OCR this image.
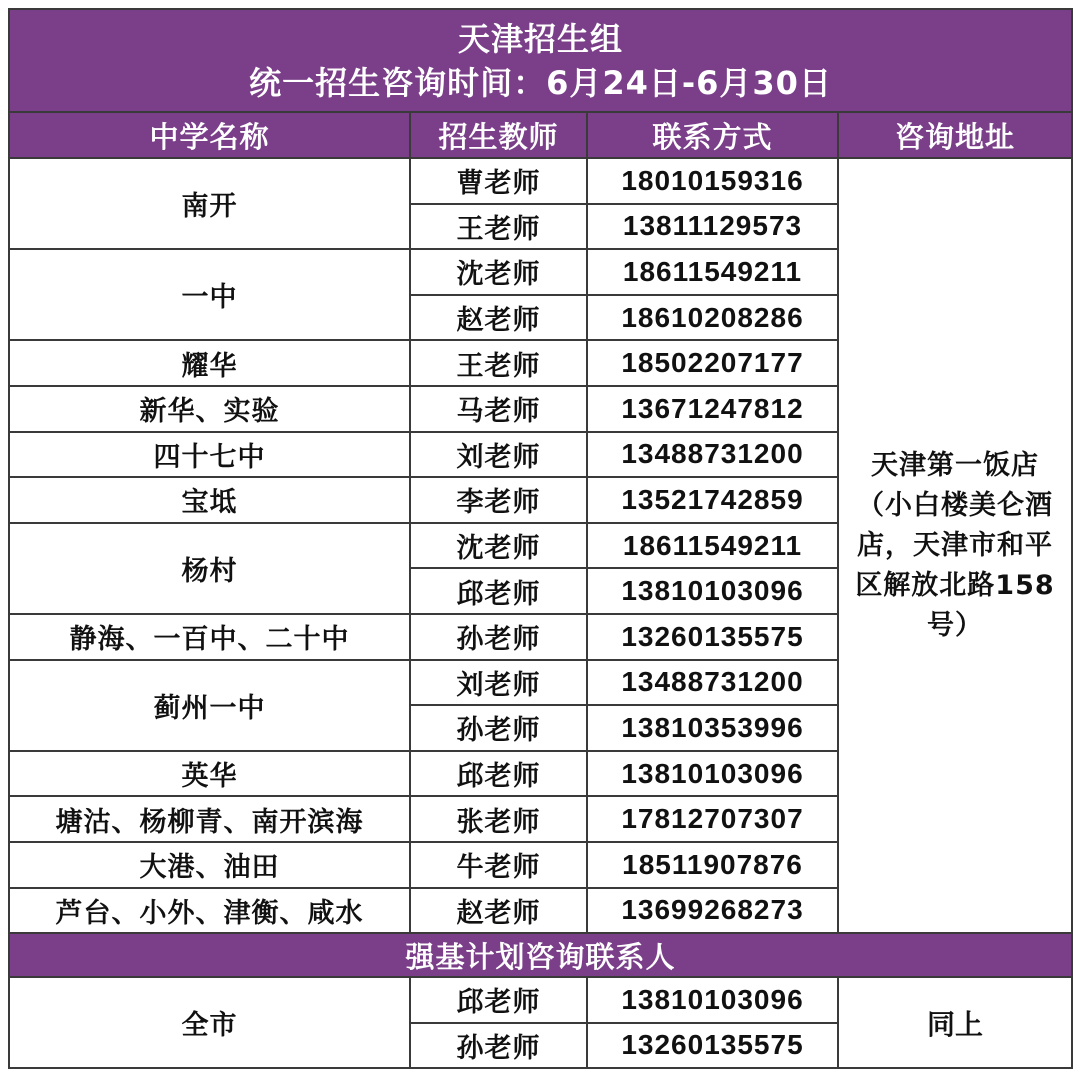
天津招生组
统一招生咨询时间：6月24日-6月30日			

中学名称	招生教师	联系方式	咨询地址
南开	曹老师	18010159316	天津第一饭店（小白楼美仑酒店，天津市和平区解放北路158号）
	王老师	13811129573	
一中	沈老师	18611549211	
	赵老师	18610208286	
耀华	王老师	18502207177	
新华、实验	马老师	13671247812	
四十七中	刘老师	13488731200	
宝坻	李老师	13521742859	
杨村	沈老师	18611549211	
	邱老师	13810103096	
静海、一百中、二十中	孙老师	13260135575	
蓟州一中	刘老师	13488731200	
	孙老师	13810353996	
英华	邱老师	13810103096	
塘沽、杨柳青、南开滨海	张老师	17812707307	
大港、油田	牛老师	18511907876	
芦台、小外、津衡、咸水	赵老师	13699268273	
强基计划咨询联系人			
全市	邱老师	13810103096	同上
	孙老师	13260135575	
